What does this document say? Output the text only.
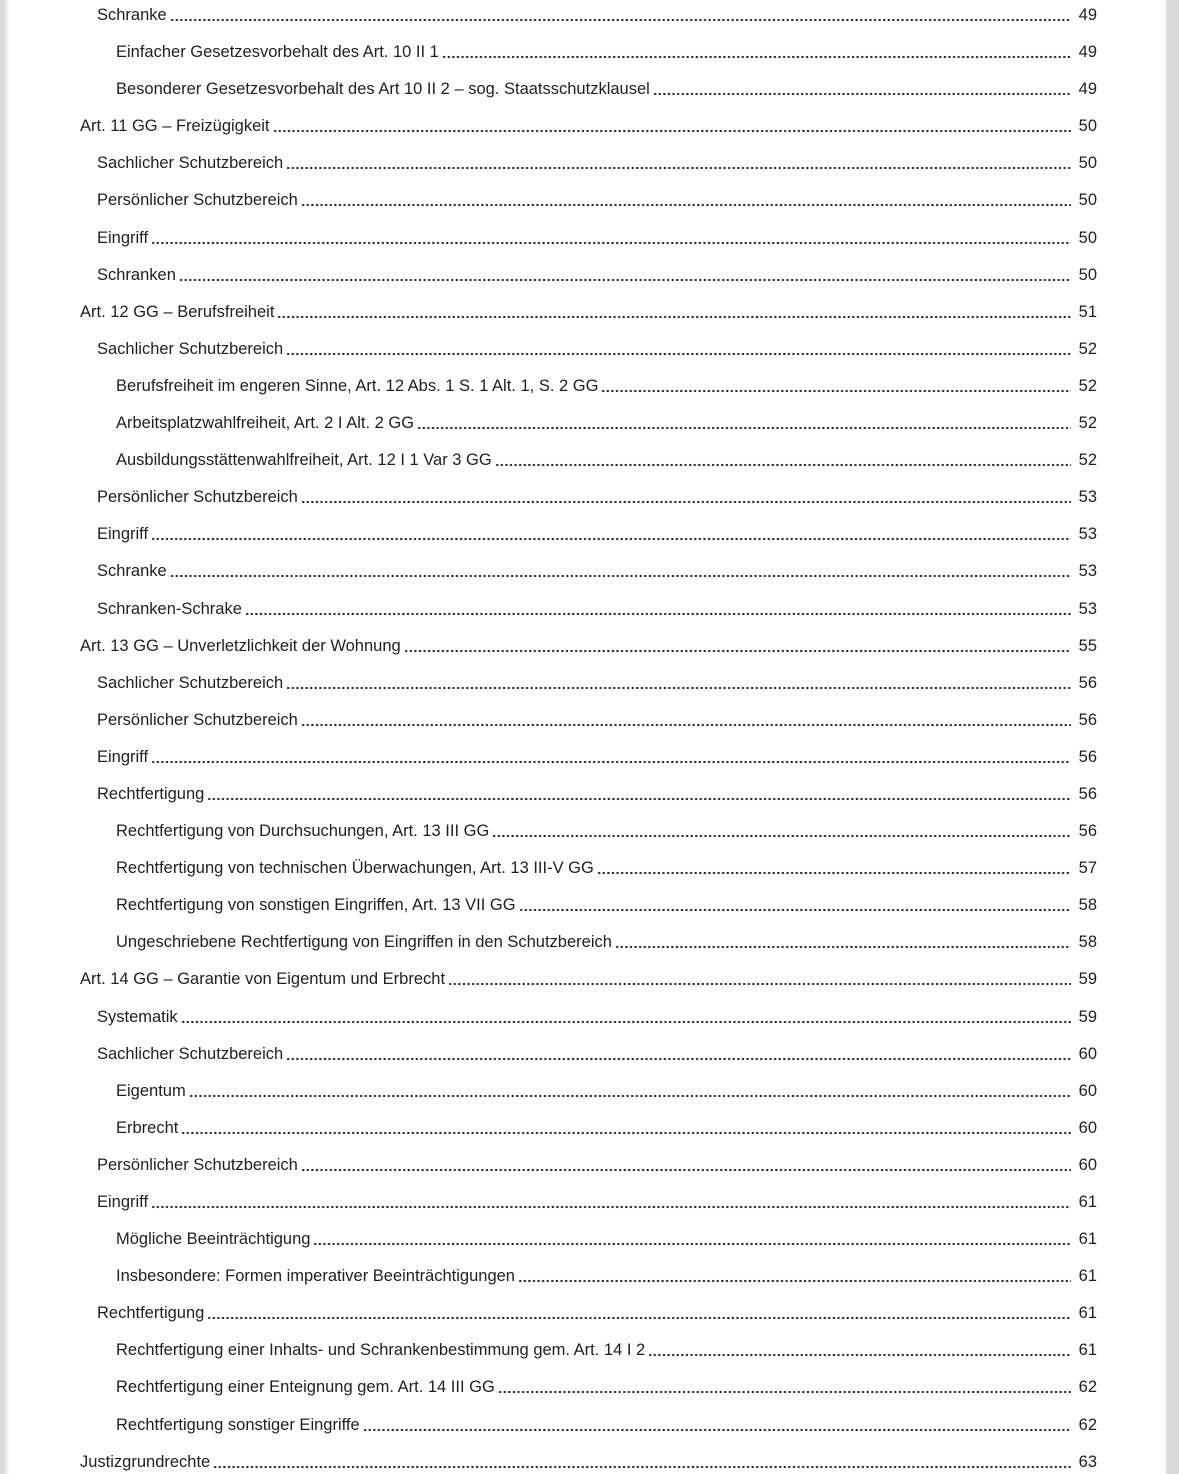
Schranke	49
Einfacher Gesetzesvorbehalt des Art. 10 II 1	49
Besonderer Gesetzesvorbehalt des Art 10 II 2 – sog. Staatsschutzklausel	49
Art. 11 GG – Freizügigkeit	50
Sachlicher Schutzbereich	50
Persönlicher Schutzbereich	50
Eingriff	50
Schranken	50
Art. 12 GG – Berufsfreiheit	51
Sachlicher Schutzbereich	52
Berufsfreiheit im engeren Sinne, Art. 12 Abs. 1 S. 1 Alt. 1, S. 2 GG	52
Arbeitsplatzwahlfreiheit, Art. 2 I Alt. 2 GG	52
Ausbildungsstättenwahlfreiheit, Art. 12 I 1 Var 3 GG	52
Persönlicher Schutzbereich	53
Eingriff	53
Schranke	53
Schranken-Schrake	53
Art. 13 GG – Unverletzlichkeit der Wohnung	55
Sachlicher Schutzbereich	56
Persönlicher Schutzbereich	56
Eingriff	56
Rechtfertigung	56
Rechtfertigung von Durchsuchungen, Art. 13 III GG	56
Rechtfertigung von technischen Überwachungen, Art. 13 III-V GG	57
Rechtfertigung von sonstigen Eingriffen, Art. 13 VII GG	58
Ungeschriebene Rechtfertigung von Eingriffen in den Schutzbereich	58
Art. 14 GG – Garantie von Eigentum und Erbrecht	59
Systematik	59
Sachlicher Schutzbereich	60
Eigentum	60
Erbrecht	60
Persönlicher Schutzbereich	60
Eingriff	61
Mögliche Beeinträchtigung	61
Insbesondere: Formen imperativer Beeinträchtigungen	61
Rechtfertigung	61
Rechtfertigung einer Inhalts- und Schrankenbestimmung gem. Art. 14 I 2	61
Rechtfertigung einer Enteignung gem. Art. 14 III GG	62
Rechtfertigung sonstiger Eingriffe	62
Justizgrundrechte	63
